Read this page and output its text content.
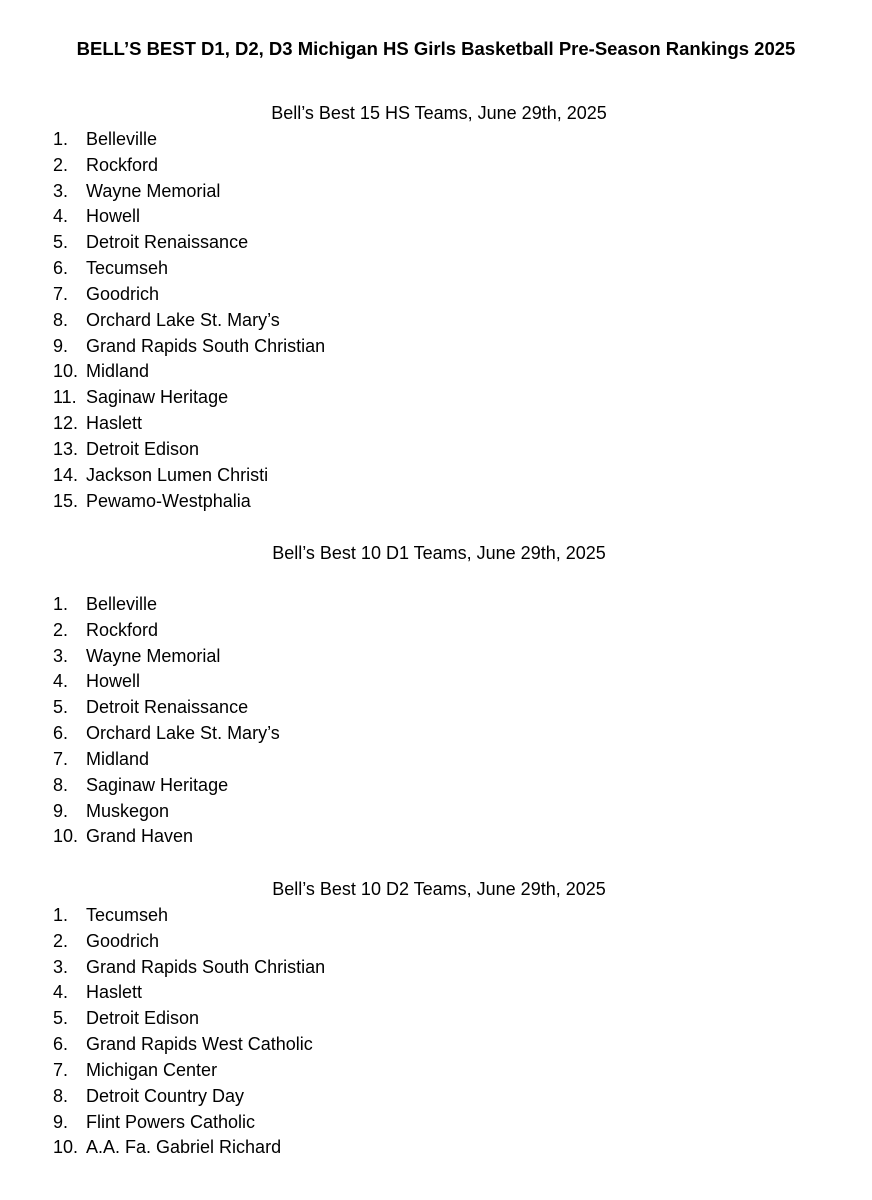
BELL’S BEST D1, D2, D3 Michigan HS Girls Basketball Pre-Season Rankings 2025
Bell’s Best 15 HS Teams, June 29th, 2025
1. Belleville
2. Rockford
3. Wayne Memorial
4. Howell
5. Detroit Renaissance
6. Tecumseh
7. Goodrich
8. Orchard Lake St. Mary’s
9. Grand Rapids South Christian
10. Midland
11. Saginaw Heritage
12. Haslett
13. Detroit Edison
14. Jackson Lumen Christi
15. Pewamo-Westphalia
Bell’s Best 10 D1 Teams, June 29th, 2025
1. Belleville
2. Rockford
3. Wayne Memorial
4. Howell
5. Detroit Renaissance
6. Orchard Lake St. Mary’s
7. Midland
8. Saginaw Heritage
9. Muskegon
10. Grand Haven
Bell’s Best 10 D2 Teams, June 29th, 2025
1. Tecumseh
2. Goodrich
3. Grand Rapids South Christian
4. Haslett
5. Detroit Edison
6. Grand Rapids West Catholic
7. Michigan Center
8. Detroit Country Day
9. Flint Powers Catholic
10. A.A. Fa. Gabriel Richard
